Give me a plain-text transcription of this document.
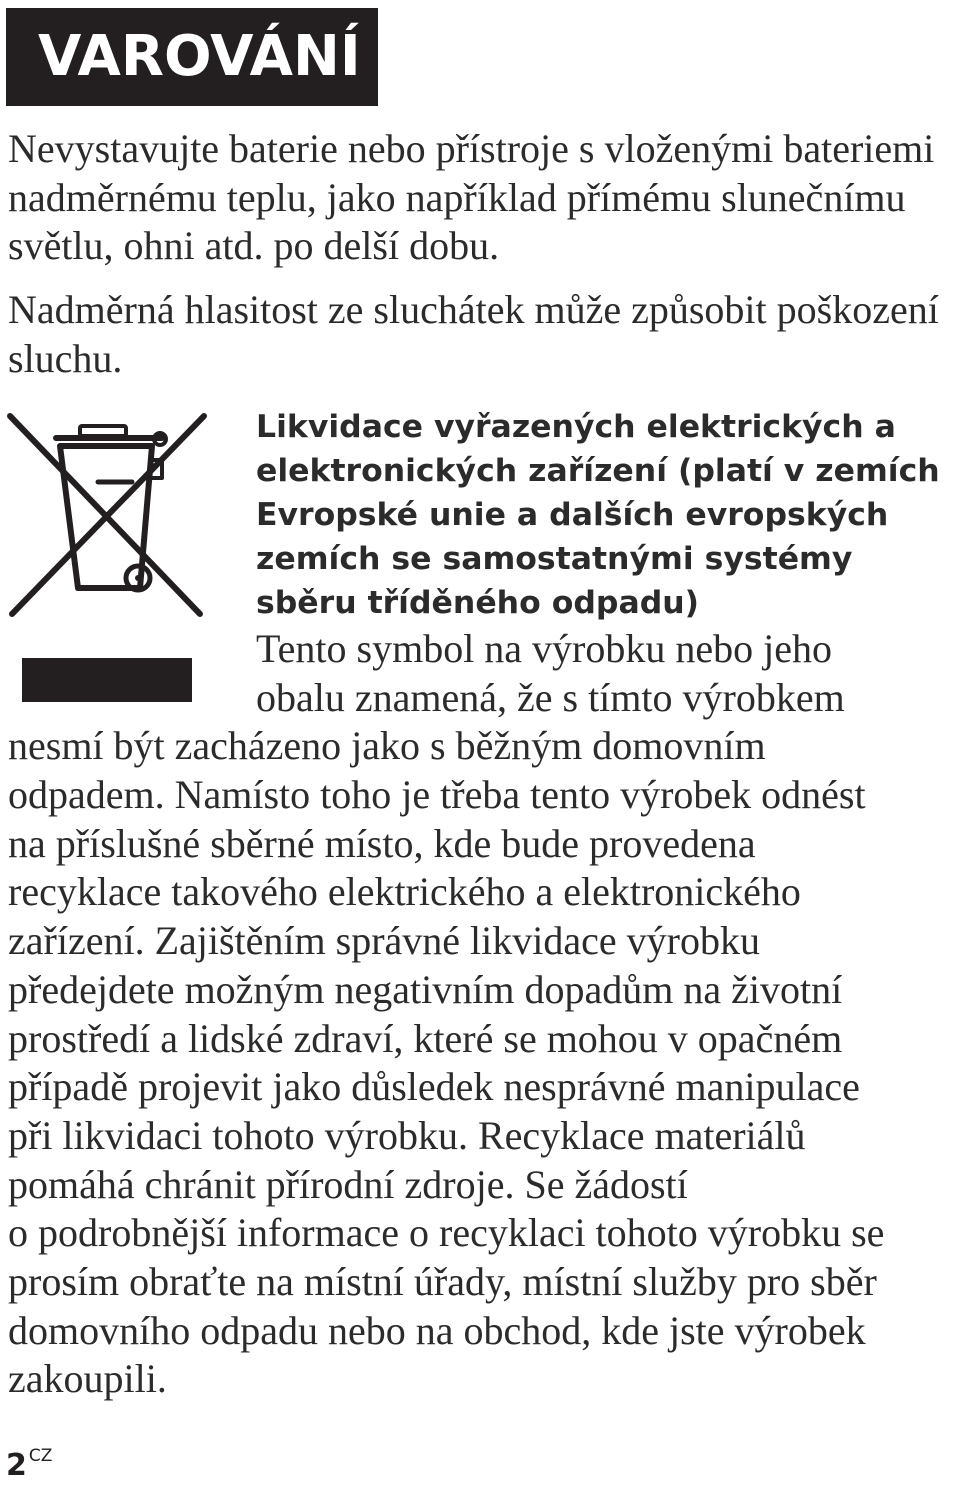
VAROVÁNÍ

Nevystavujte baterie nebo přístroje s vloženými bateriemi nadměrnému teplu, jako například přímému slunečnímu světlu, ohni atd. po delší dobu.

Nadměrná hlasitost ze sluchátek může způsobit poškození sluchu.

Likvidace vyřazených elektrických a elektronických zařízení (platí v zemích Evropské unie a dalších evropských zemích se samostatnými systémy sběru tříděného odpadu)

Tento symbol na výrobku nebo jeho
obalu znamená, že s tímto výrobkem
nesmí být zacházeno jako s běžným domovním
odpadem. Namísto toho je třeba tento výrobek odnést
na příslušné sběrné místo, kde bude provedena
recyklace takového elektrického a elektronického
zařízení. Zajištěním správné likvidace výrobku
předejdete možným negativním dopadům na životní
prostředí a lidské zdraví, které se mohou v opačném
případě projevit jako důsledek nesprávné manipulace
při likvidaci tohoto výrobku. Recyklace materiálů
pomáhá chránit přírodní zdroje. Se žádostí
o podrobnější informace o recyklaci tohoto výrobku se
prosím obraťte na místní úřady, místní služby pro sběr
domovního odpadu nebo na obchod, kde jste výrobek
zakoupili.
2 CZ
